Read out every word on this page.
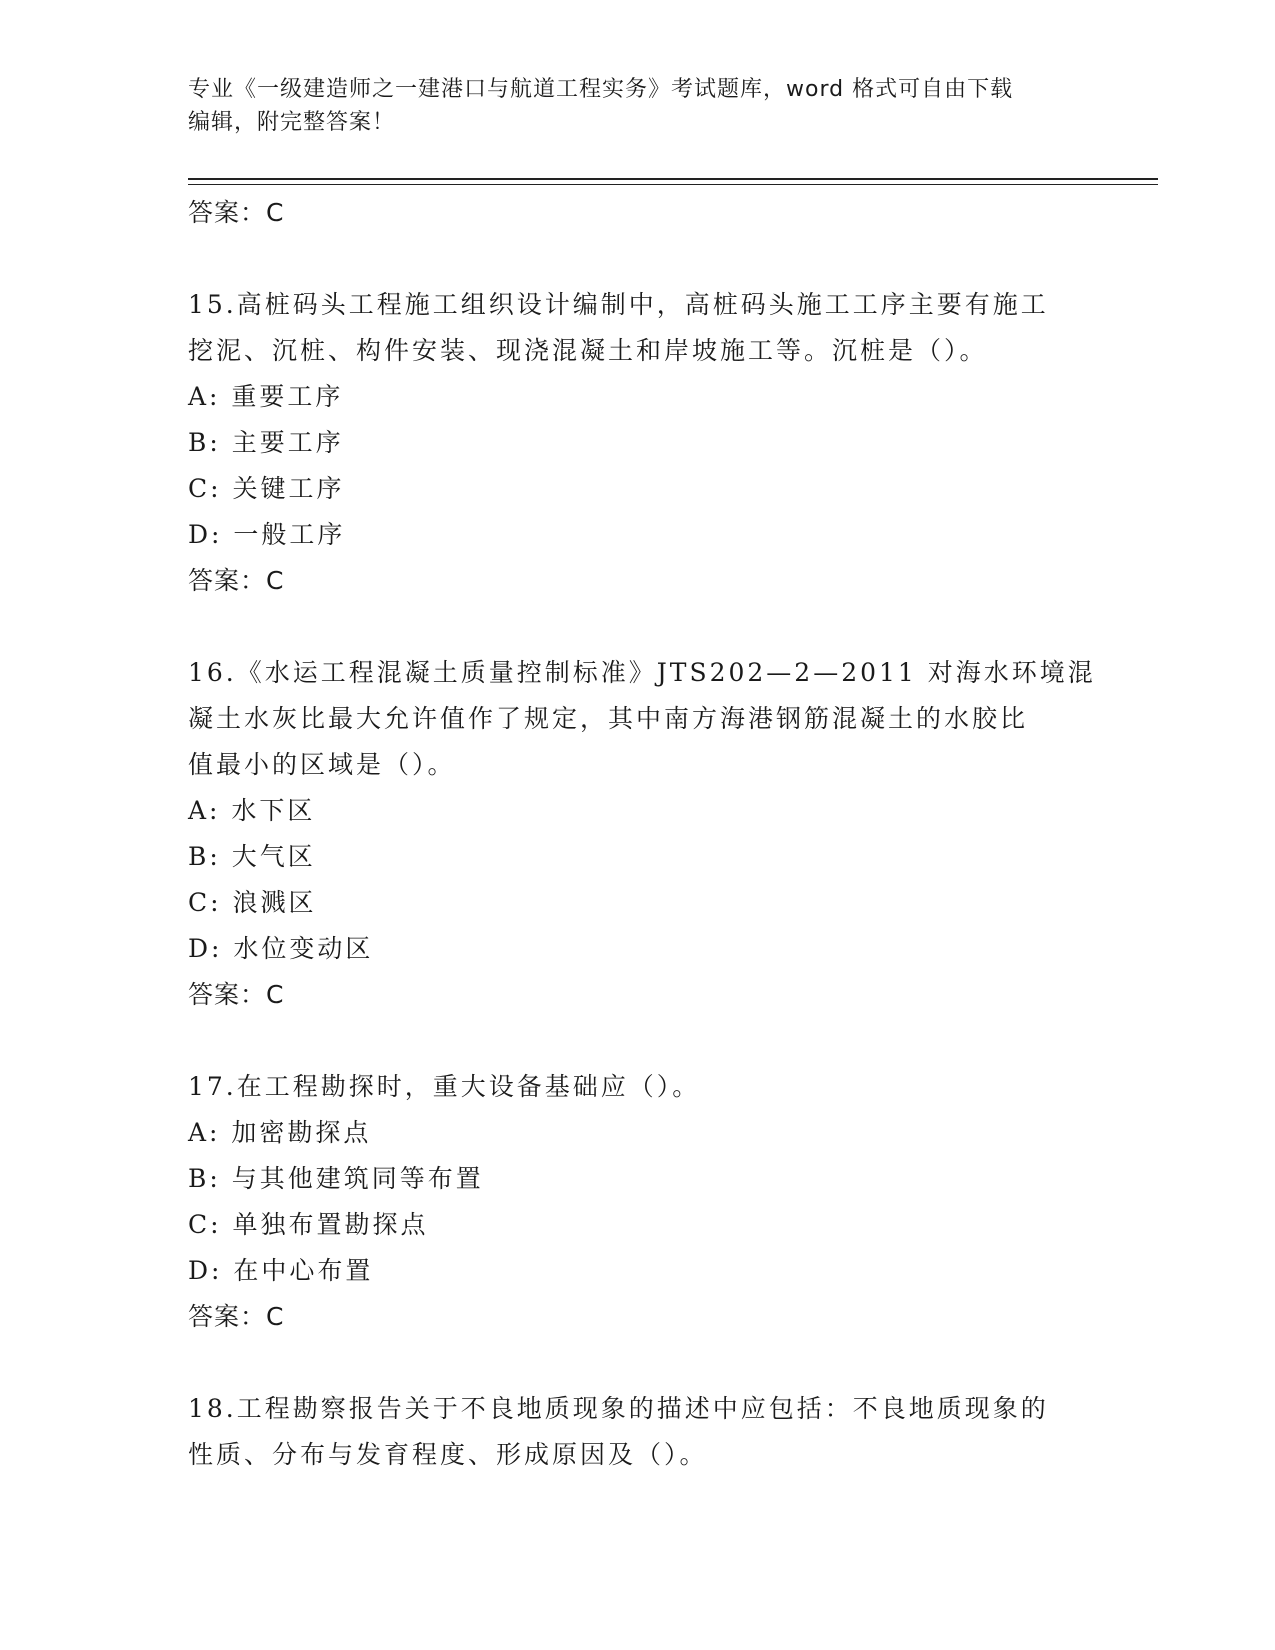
专业《一级建造师之一建港口与航道工程实务》考试题库，word 格式可自由下载
编辑，附完整答案！
答案：C
15.高桩码头工程施工组织设计编制中，高桩码头施工工序主要有施工
挖泥、沉桩、构件安装、现浇混凝土和岸坡施工等。沉桩是（）。
A: 重要工序
B: 主要工序
C: 关键工序
D: 一般工序
答案：C
16.《水运工程混凝土质量控制标准》JTS202—2—2011 对海水环境混
凝土水灰比最大允许值作了规定，其中南方海港钢筋混凝土的水胶比
值最小的区域是（）。
A: 水下区
B: 大气区
C: 浪溅区
D: 水位变动区
答案：C
17.在工程勘探时，重大设备基础应（）。
A: 加密勘探点
B: 与其他建筑同等布置
C: 单独布置勘探点
D: 在中心布置
答案：C
18.工程勘察报告关于不良地质现象的描述中应包括：不良地质现象的
性质、分布与发育程度、形成原因及（）。
